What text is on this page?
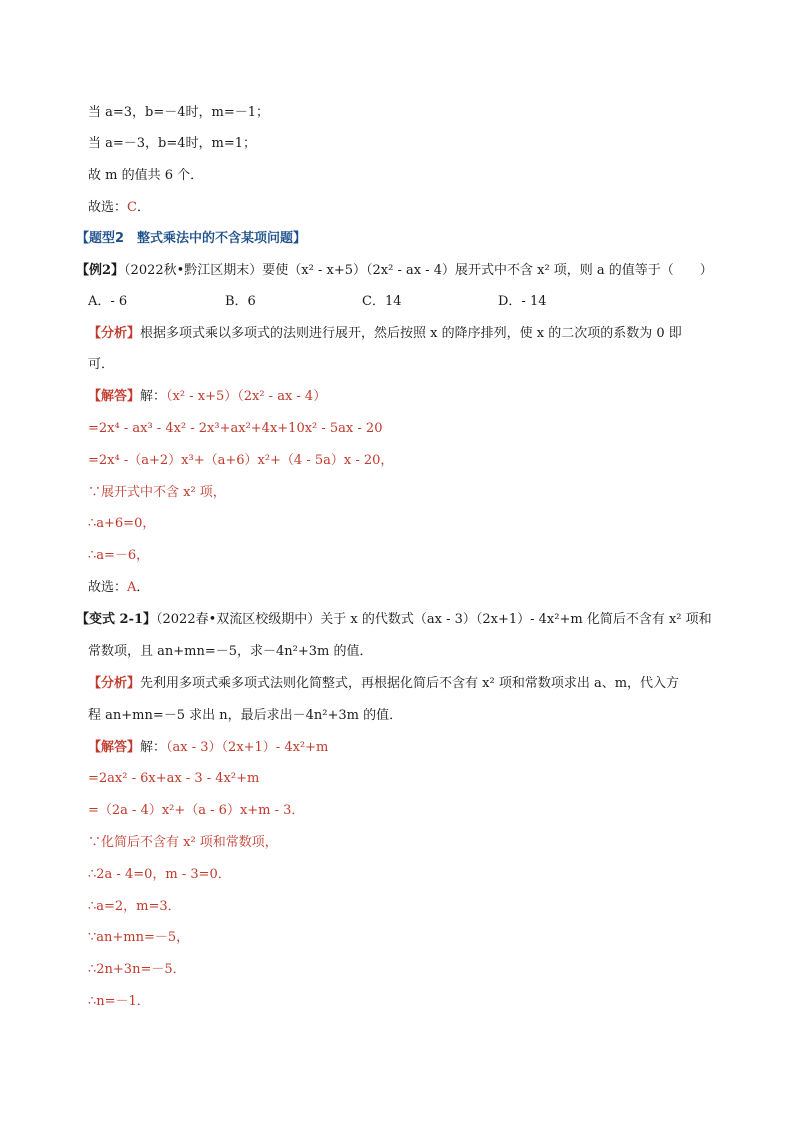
当 a=3，b=－4时，m=－1；
当 a=－3，b=4时，m=1；
故 m 的值共 6 个．
故选：C．
【题型2　整式乘法中的不含某项问题】
【例2】（2022秋•黔江区期末）要使（x² - x+5）（2x² - ax - 4）展开式中不含 x² 项，则 a 的值等于（　　）
A．- 6	B．6	C．14	D．- 14
【分析】根据多项式乘以多项式的法则进行展开，然后按照 x 的降序排列，使 x 的二次项的系数为 0 即
可．
【解答】解：（x² - x+5）（2x² - ax - 4）
=2x⁴ - ax³ - 4x² - 2x³+ax²+4x+10x² - 5ax - 20
=2x⁴ -（a+2）x³+（a+6）x²+（4 - 5a）x - 20，
∵展开式中不含 x² 项，
∴a+6=0，
∴a=－6，
故选：A．
【变式 2-1】（2022春•双流区校级期中）关于 x 的代数式（ax - 3）（2x+1）- 4x²+m 化简后不含有 x² 项和
常数项，且 an+mn=－5，求－4n²+3m 的值．
【分析】先利用多项式乘多项式法则化简整式，再根据化简后不含有 x² 项和常数项求出 a、m，代入方
程 an+mn=－5 求出 n，最后求出－4n²+3m 的值．
【解答】解：（ax - 3）（2x+1）- 4x²+m
=2ax² - 6x+ax - 3 - 4x²+m
=（2a - 4）x²+（a - 6）x+m - 3．
∵化简后不含有 x² 项和常数项，
∴2a - 4=0，m - 3=0．
∴a=2，m=3．
∵an+mn=－5，
∴2n+3n=－5．
∴n=－1．
